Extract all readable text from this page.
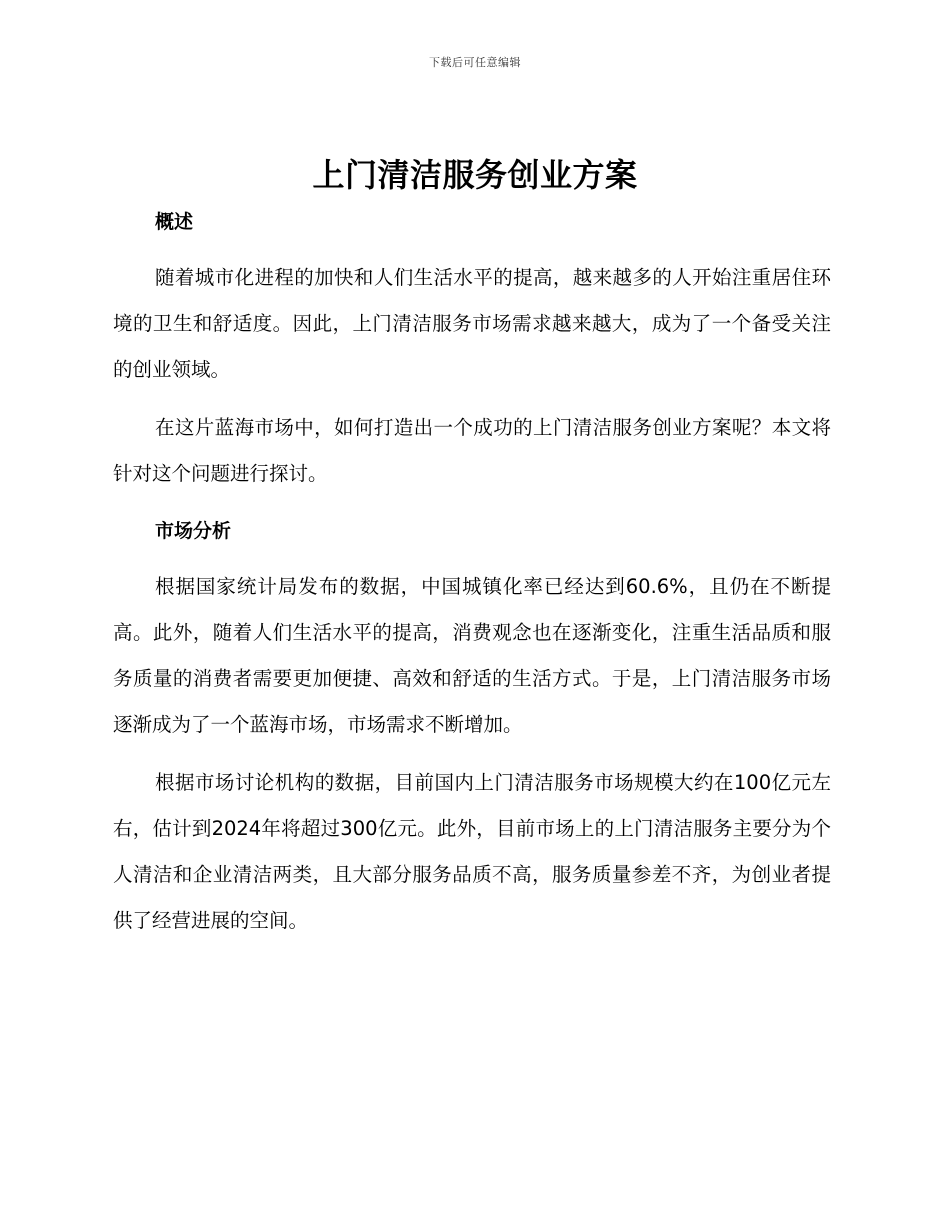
下载后可任意编辑
上门清洁服务创业方案
概述

随着城市化进程的加快和人们生活水平的提高，越来越多的人开始注重居住环境的卫生和舒适度。因此，上门清洁服务市场需求越来越大，成为了一个备受关注的创业领域。

在这片蓝海市场中，如何打造出一个成功的上门清洁服务创业方案呢？本文将针对这个问题进行探讨。

市场分析

根据国家统计局发布的数据，中国城镇化率已经达到60.6%，且仍在不断提高。此外，随着人们生活水平的提高，消费观念也在逐渐变化，注重生活品质和服务质量的消费者需要更加便捷、高效和舒适的生活方式。于是，上门清洁服务市场逐渐成为了一个蓝海市场，市场需求不断增加。

根据市场讨论机构的数据，目前国内上门清洁服务市场规模大约在100亿元左右，估计到2024年将超过300亿元。此外，目前市场上的上门清洁服务主要分为个人清洁和企业清洁两类，且大部分服务品质不高，服务质量参差不齐，为创业者提供了经营进展的空间。
